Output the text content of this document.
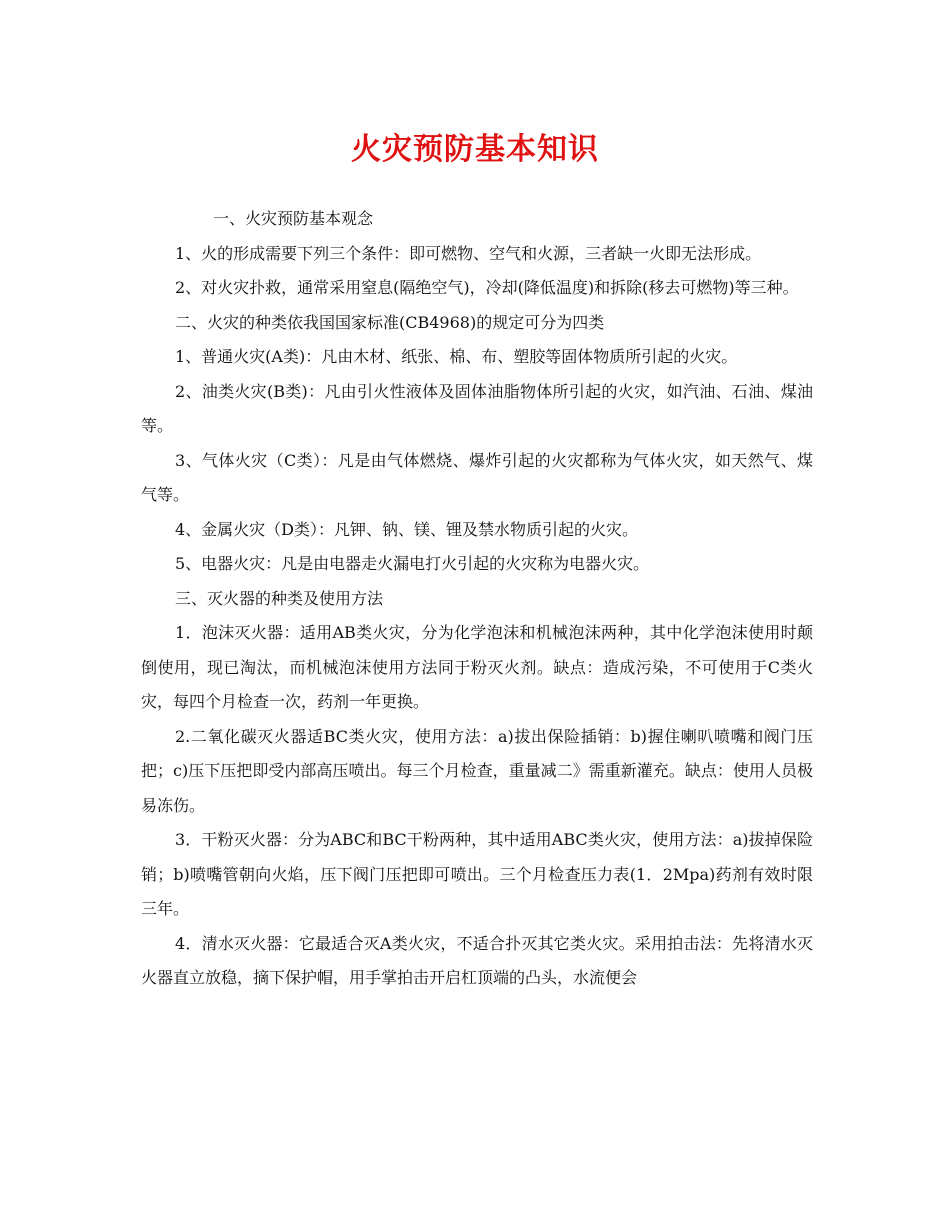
火灾预防基本知识

一、火灾预防基本观念

1、火的形成需要下列三个条件：即可燃物、空气和火源，三者缺一火即无法形成。

2、对火灾扑救，通常采用窒息(隔绝空气)，冷却(降低温度)和拆除(移去可燃物)等三种。

二、火灾的种类依我国国家标准(CB4968)的规定可分为四类

1、普通火灾(A类)：凡由木材、纸张、棉、布、塑胶等固体物质所引起的火灾。

2、油类火灾(B类)：凡由引火性液体及固体油脂物体所引起的火灾，如汽油、石油、煤油等。

3、气体火灾（C类）：凡是由气体燃烧、爆炸引起的火灾都称为气体火灾，如天然气、煤气等。

4、金属火灾（D类）：凡钾、钠、镁、锂及禁水物质引起的火灾。

5、电器火灾：凡是由电器走火漏电打火引起的火灾称为电器火灾。

三、灭火器的种类及使用方法

1．泡沫灭火器：适用AB类火灾，分为化学泡沫和机械泡沫两种，其中化学泡沫使用时颠倒使用，现已淘汰，而机械泡沫使用方法同于粉灭火剂。缺点：造成污染，不可使用于C类火灾，每四个月检查一次，药剂一年更换。

2.二氧化碳灭火器适BC类火灾，使用方法：a)拔出保险插销：b)握住喇叭喷嘴和阀门压把；c)压下压把即受内部高压喷出。每三个月检查，重量减二》需重新灌充。缺点：使用人员极易冻伤。

3．干粉灭火器：分为ABC和BC干粉两种，其中适用ABC类火灾，使用方法：a)拔掉保险销；b)喷嘴管朝向火焰，压下阀门压把即可喷出。三个月检查压力表(1．2Mpa)药剂有效时限三年。

4．清水灭火器：它最适合灭A类火灾，不适合扑灭其它类火灾。采用拍击法：先将清水灭火器直立放稳，摘下保护帽，用手掌拍击开启杠顶端的凸头，水流便会
